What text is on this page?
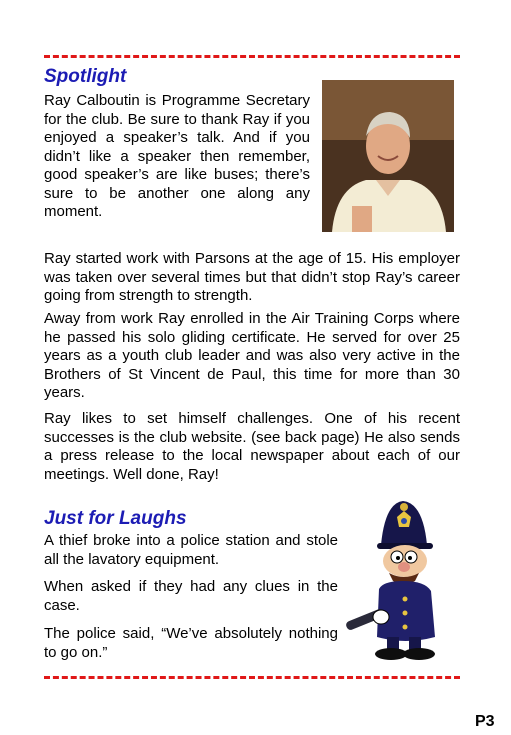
Spotlight
Ray Calboutin is Programme Secretary for the club. Be sure to thank Ray if you enjoyed a speaker’s talk. And if you didn’t like a speaker then remember, good speaker’s are like buses; there’s sure to be another one along any moment.
Ray started work with Parsons at the age of 15. His employer was taken over several times but that didn’t stop Ray’s career going from strength to strength.
Away from work Ray enrolled in the Air Training Corps where he passed his solo gliding certificate. He served for over 25 years as a youth club leader and was also very active in the Brothers of St Vincent de Paul, this time for more than 30 years.
Ray likes to set himself challenges. One of his recent successes is the club website. (see back page) He also sends a press release to the local newspaper about each of our meetings. Well done, Ray!
Just for Laughs
A thief broke into a police station and stole all the lavatory equipment.
When asked if they had any clues in the case.
The police said, “We’ve absolutely nothing to go on.”
P3
